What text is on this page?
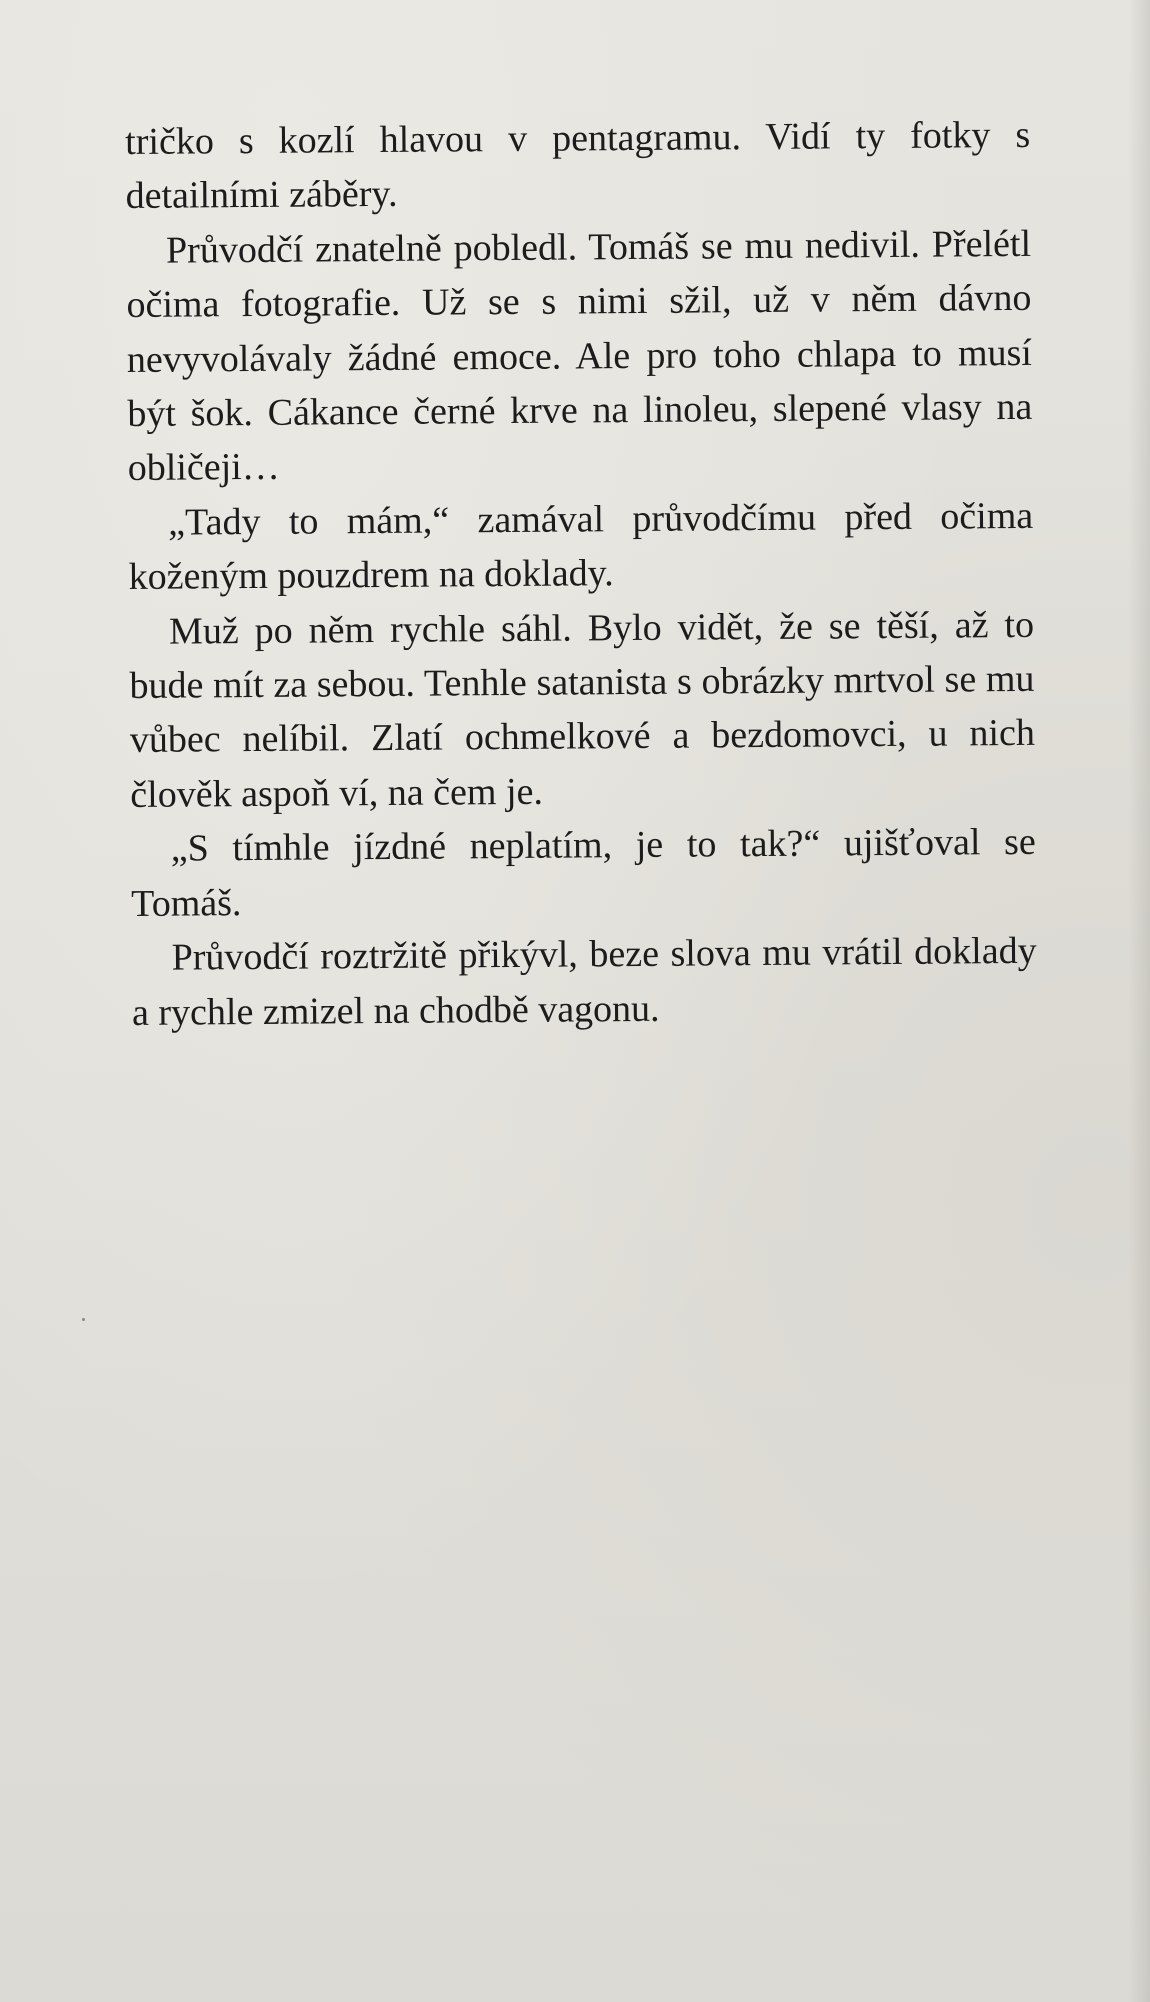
tričko s kozlí hlavou v pentagramu. Vidí ty fotky s detailními záběry.

Průvodčí znatelně pobledl. Tomáš se mu nedivil. Přelétl očima fotografie. Už se s nimi sžil, už v něm dávno nevyvolávaly žádné emoce. Ale pro toho chlapa to musí být šok. Cákance černé krve na linoleu, slepené vlasy na obličeji…

„Tady to mám,“ zamával průvodčímu před očima koženým pouzdrem na doklady.

Muž po něm rychle sáhl. Bylo vidět, že se těší, až to bude mít za sebou. Tenhle satanista s obrázky mrtvol se mu vůbec nelíbil. Zlatí ochmelkové a bezdomovci, u nich člověk aspoň ví, na čem je.

„S tímhle jízdné neplatím, je to tak?“ ujišťoval se Tomáš.

Průvodčí roztržitě přikývl, beze slova mu vrátil doklady a rychle zmizel na chodbě vagonu.
